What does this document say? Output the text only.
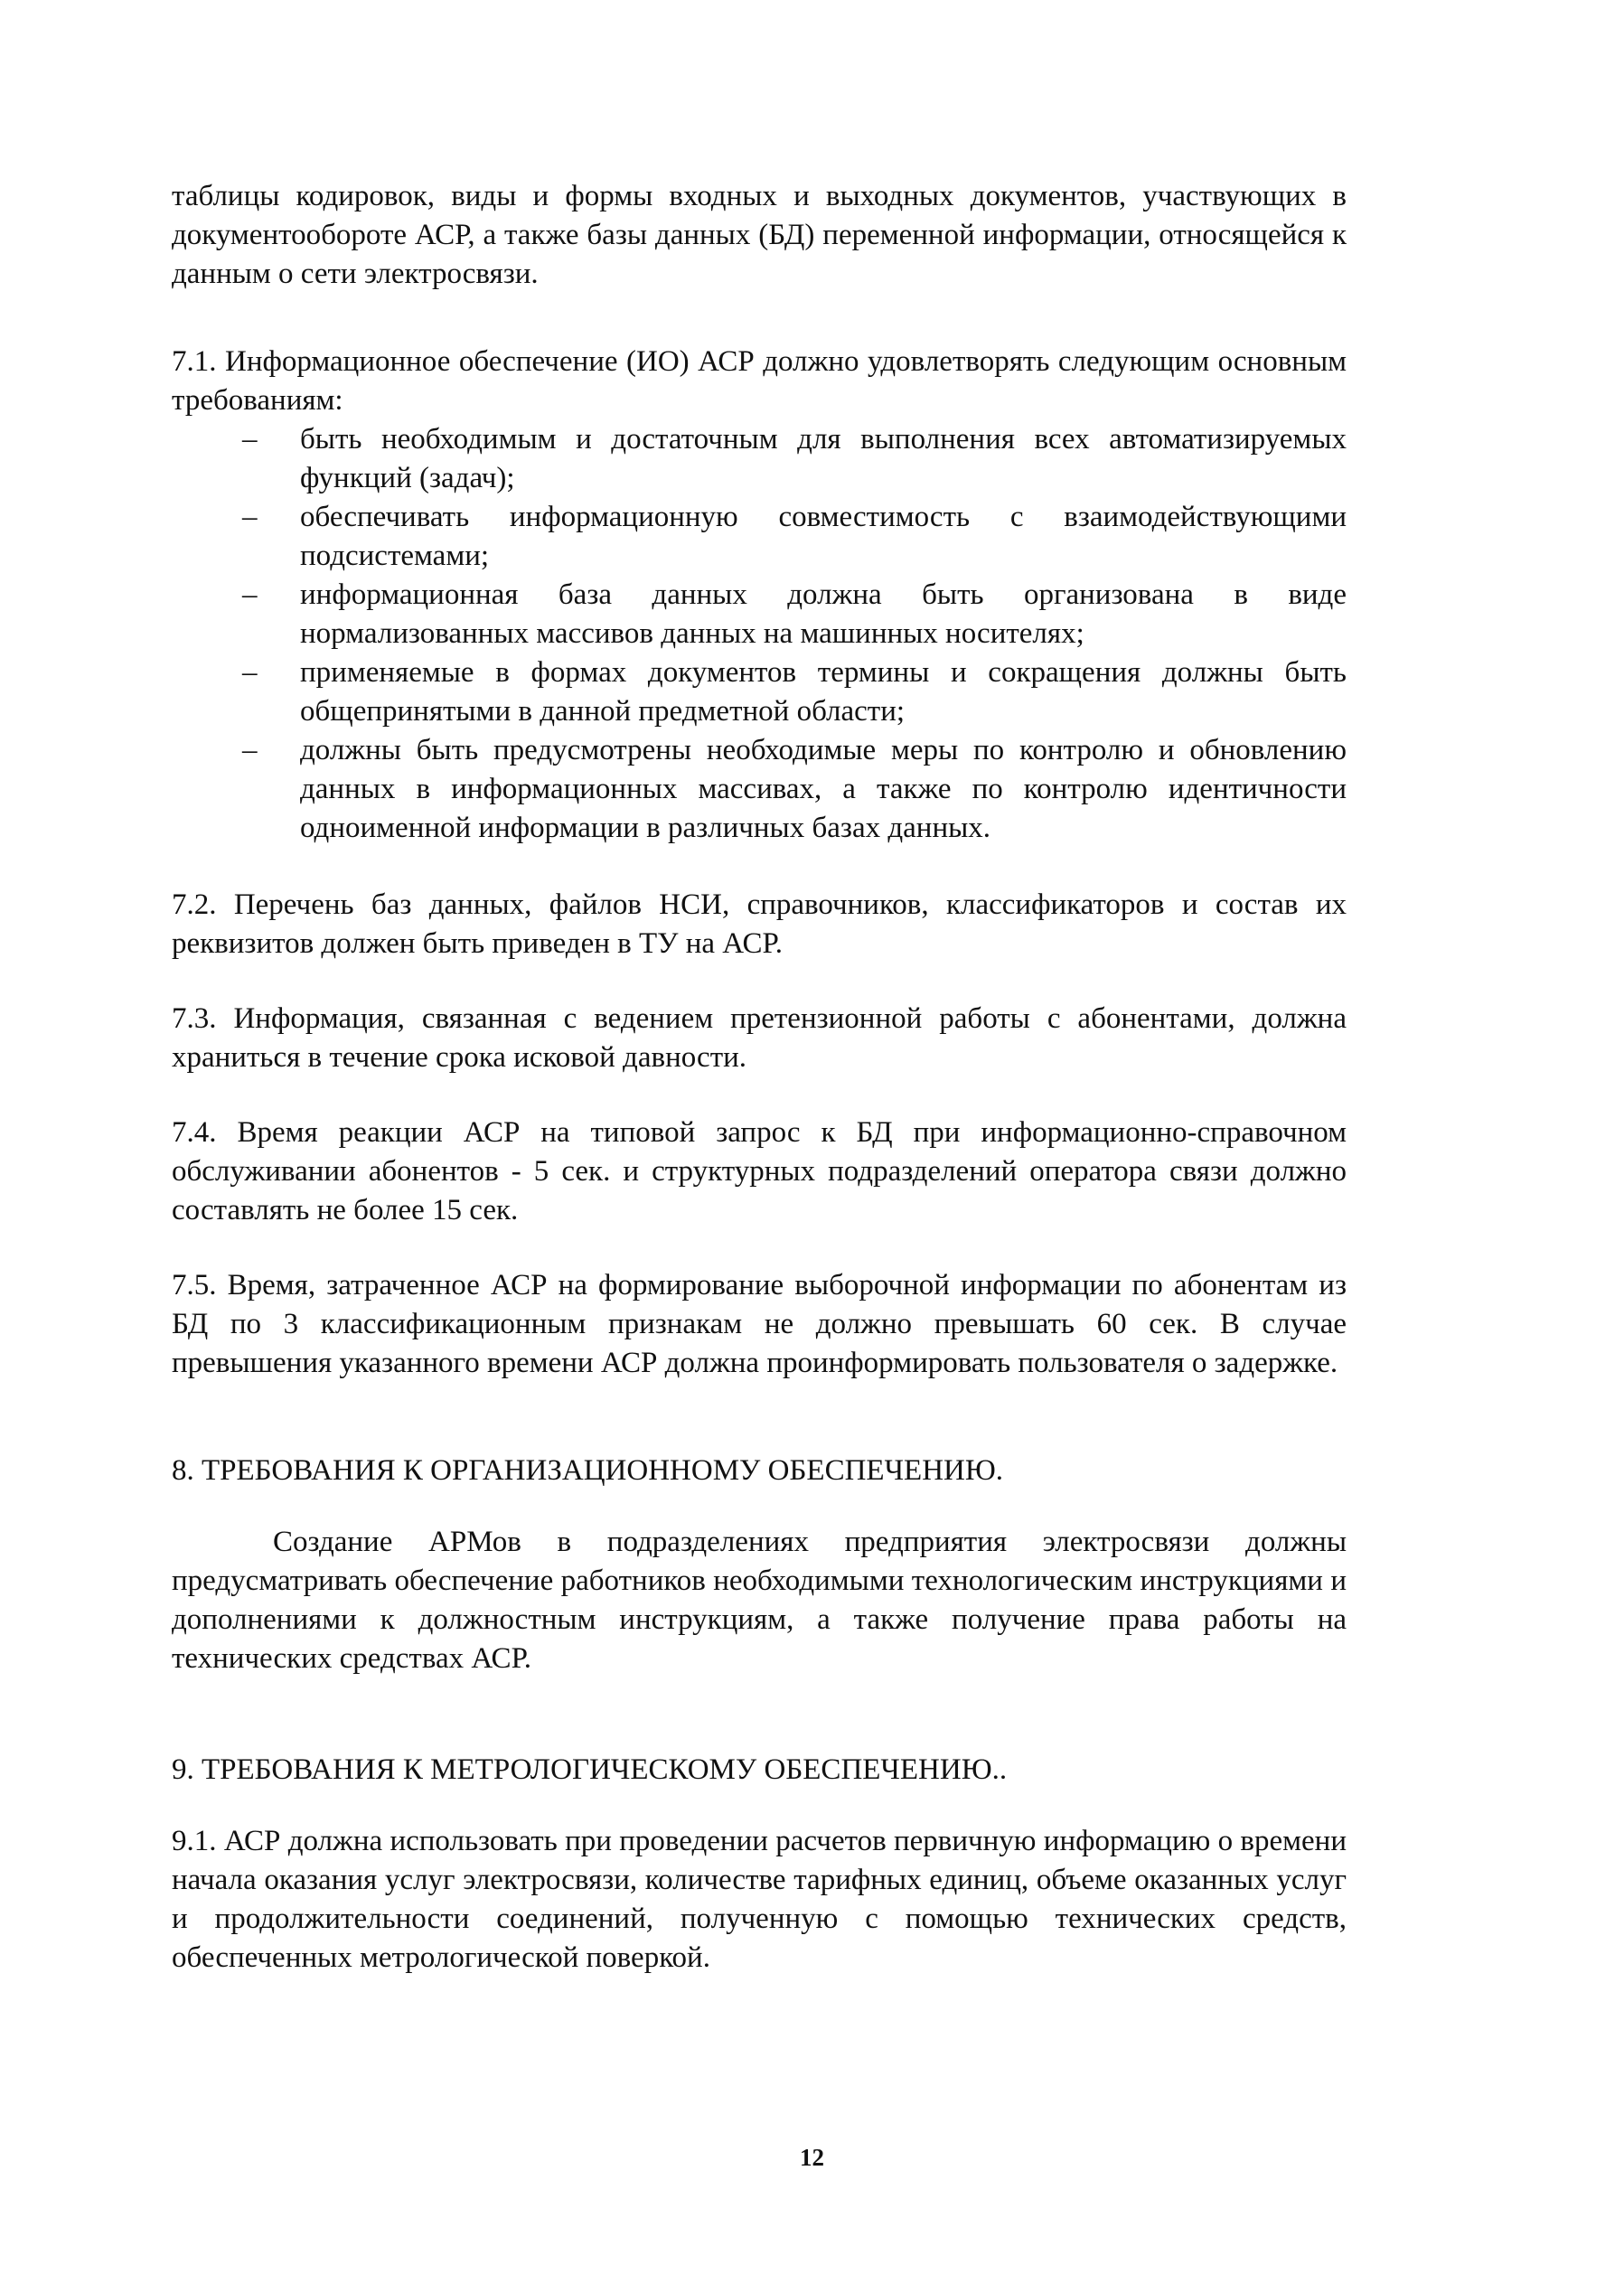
таблицы кодировок, виды и формы входных и выходных документов, участвующих в документообороте АСР, а также базы данных (БД) переменной информации, относящейся к данным о сети электросвязи.

7.1. Информационное обеспечение (ИО) АСР должно удовлетворять следующим основным требованиям:

– быть необходимым и достаточным для выполнения всех автоматизируемых функций (задач);
– обеспечивать информационную совместимость с взаимодействующими подсистемами;
– информационная база данных должна быть организована в виде нормализованных массивов данных на машинных носителях;
– применяемые в формах документов термины и сокращения должны быть общепринятыми в данной предметной области;
– должны быть предусмотрены необходимые меры по контролю и обновлению данных в информационных массивах, а также по контролю идентичности одноименной информации в различных базах данных.

7.2. Перечень баз данных, файлов НСИ, справочников, классификаторов и состав их реквизитов должен быть приведен в ТУ на АСР.

7.3. Информация, связанная с ведением претензионной работы с абонентами, должна храниться в течение срока исковой давности.

7.4. Время реакции АСР на типовой запрос к БД при информационно-справочном обслуживании абонентов - 5 сек. и структурных подразделений оператора связи должно составлять не более 15 сек.

7.5. Время, затраченное АСР на формирование выборочной информации по абонентам из БД по 3 классификационным признакам не должно превышать 60 сек. В случае превышения указанного времени АСР должна проинформировать пользователя о задержке.

8. ТРЕБОВАНИЯ К ОРГАНИЗАЦИОННОМУ ОБЕСПЕЧЕНИЮ.

Создание АРМов в подразделениях предприятия электросвязи должны предусматривать обеспечение работников необходимыми технологическим инструкциями и дополнениями к должностным инструкциям, а также получение права работы на технических средствах АСР.

9. ТРЕБОВАНИЯ К МЕТРОЛОГИЧЕСКОМУ ОБЕСПЕЧЕНИЮ..

9.1. АСР должна использовать при проведении расчетов первичную информацию о времени начала оказания услуг электросвязи, количестве тарифных единиц, объеме оказанных услуг и продолжительности соединений, полученную с помощью технических средств, обеспеченных метрологической поверкой.

12
